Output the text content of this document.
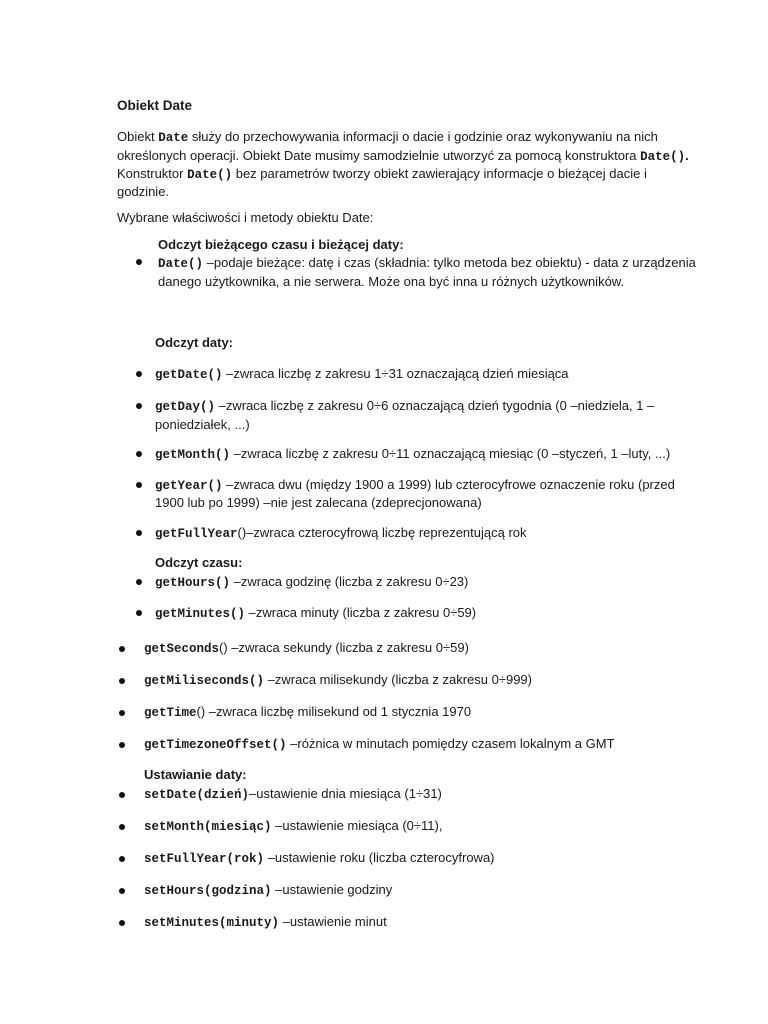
Obiekt Date
Obiekt Date służy do przechowywania informacji o dacie i godzinie oraz wykonywaniu na nich
określonych operacji. Obiekt Date musimy samodzielnie utworzyć za pomocą konstruktora Date().
Konstruktor Date() bez parametrów tworzy obiekt zawierający informacje o bieżącej dacie i
godzinie.
Wybrane właściwości i metody obiektu Date:
Odczyt bieżącego czasu i bieżącej daty:
Date() –podaje bieżące: datę i czas (składnia: tylko metoda bez obiektu) - data z urządzenia
danego użytkownika, a nie serwera. Może ona być inna u różnych użytkowników.
Odczyt daty:
getDate() –zwraca liczbę z zakresu 1÷31 oznaczającą dzień miesiąca
getDay() –zwraca liczbę z zakresu 0÷6 oznaczającą dzień tygodnia (0 –niedziela, 1 –
poniedziałek, ...)
getMonth() –zwraca liczbę z zakresu 0÷11 oznaczającą miesiąc (0 –styczeń, 1 –luty, ...)
getYear() –zwraca dwu (między 1900 a 1999) lub czterocyfrowe oznaczenie roku (przed
1900 lub po 1999) –nie jest zalecana (zdeprecjonowana)
getFullYear()–zwraca czterocyfrową liczbę reprezentującą rok
Odczyt czasu:
getHours() –zwraca godzinę (liczba z zakresu 0÷23)
getMinutes() –zwraca minuty (liczba z zakresu 0÷59)
getSeconds() –zwraca sekundy (liczba z zakresu 0÷59)
getMiliseconds() –zwraca milisekundy (liczba z zakresu 0÷999)
getTime() –zwraca liczbę milisekund od 1 stycznia 1970
getTimezoneOffset() –różnica w minutach pomiędzy czasem lokalnym a GMT
Ustawianie daty:
setDate(dzień)–ustawienie dnia miesiąca (1÷31)
setMonth(miesiąc) –ustawienie miesiąca (0÷11),
setFullYear(rok) –ustawienie roku (liczba czterocyfrowa)
setHours(godzina) –ustawienie godziny
setMinutes(minuty) –ustawienie minut
